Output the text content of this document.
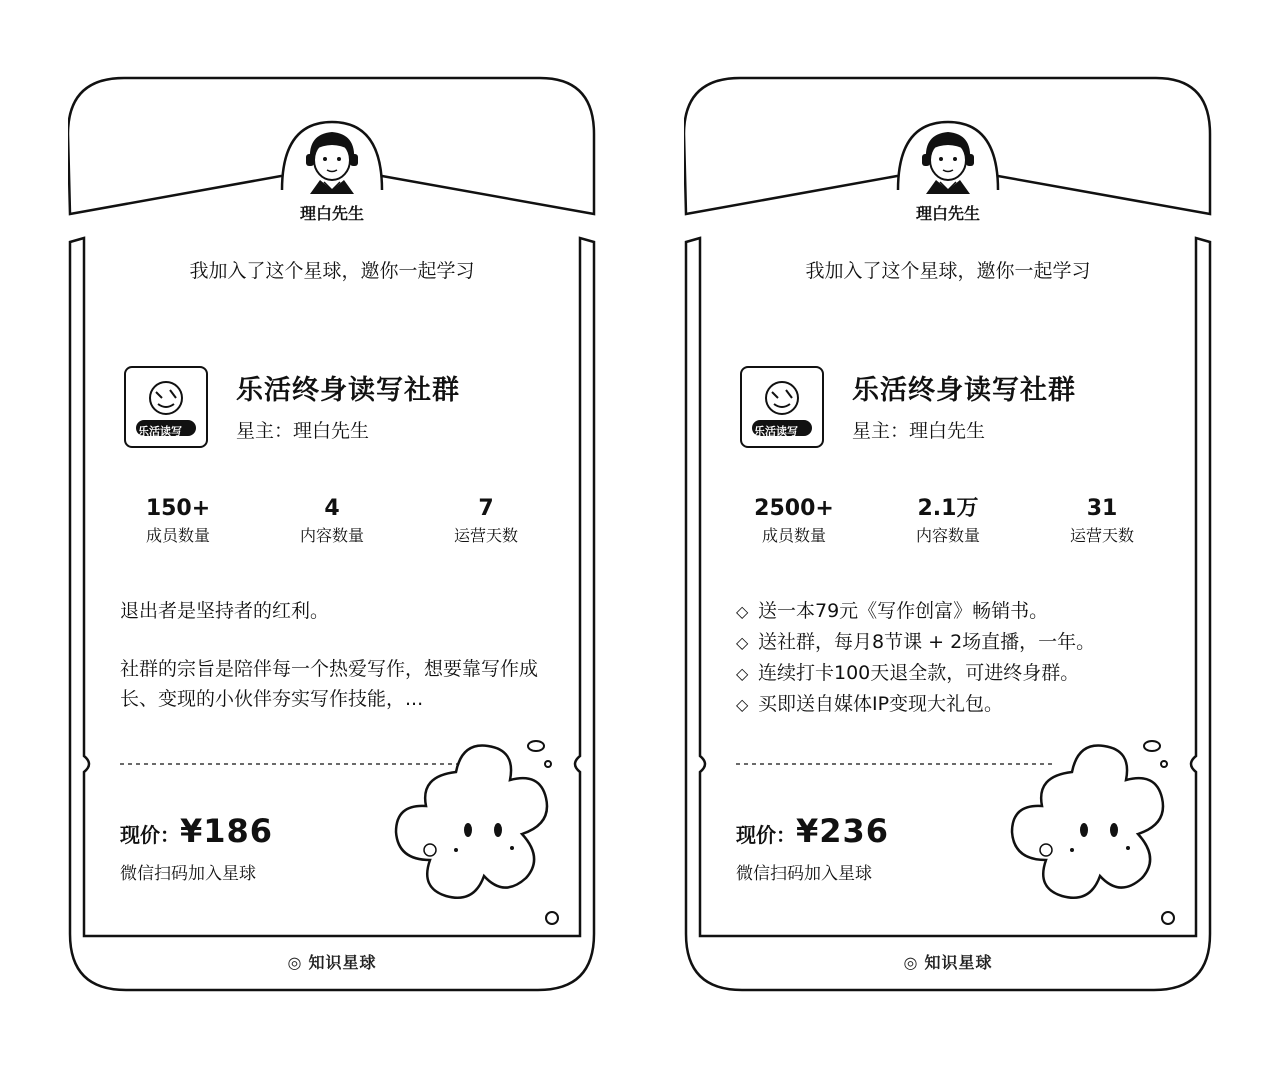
理白先生
我加入了这个星球，邀你一起学习
乐活读写
乐活终身读写社群
星主：理白先生
150+
成员数量
4
内容数量
7
运营天数

退出者是坚持者的红利。

社群的宗旨是陪伴每一个热爱写作，想要靠写作成长、变现的小伙伴夯实写作技能，...

现价：¥186
微信扫码加入星球
◎ 知识星球
理白先生
我加入了这个星球，邀你一起学习
乐活读写
乐活终身读写社群
星主：理白先生
2500+
成员数量
2.1万
内容数量
31
运营天数
◇ 送一本79元《写作创富》畅销书。
◇ 送社群，每月8节课 + 2场直播，一年。
◇ 连续打卡100天退全款，可进终身群。
◇ 买即送自媒体IP变现大礼包。
现价：¥236
微信扫码加入星球
◎ 知识星球
